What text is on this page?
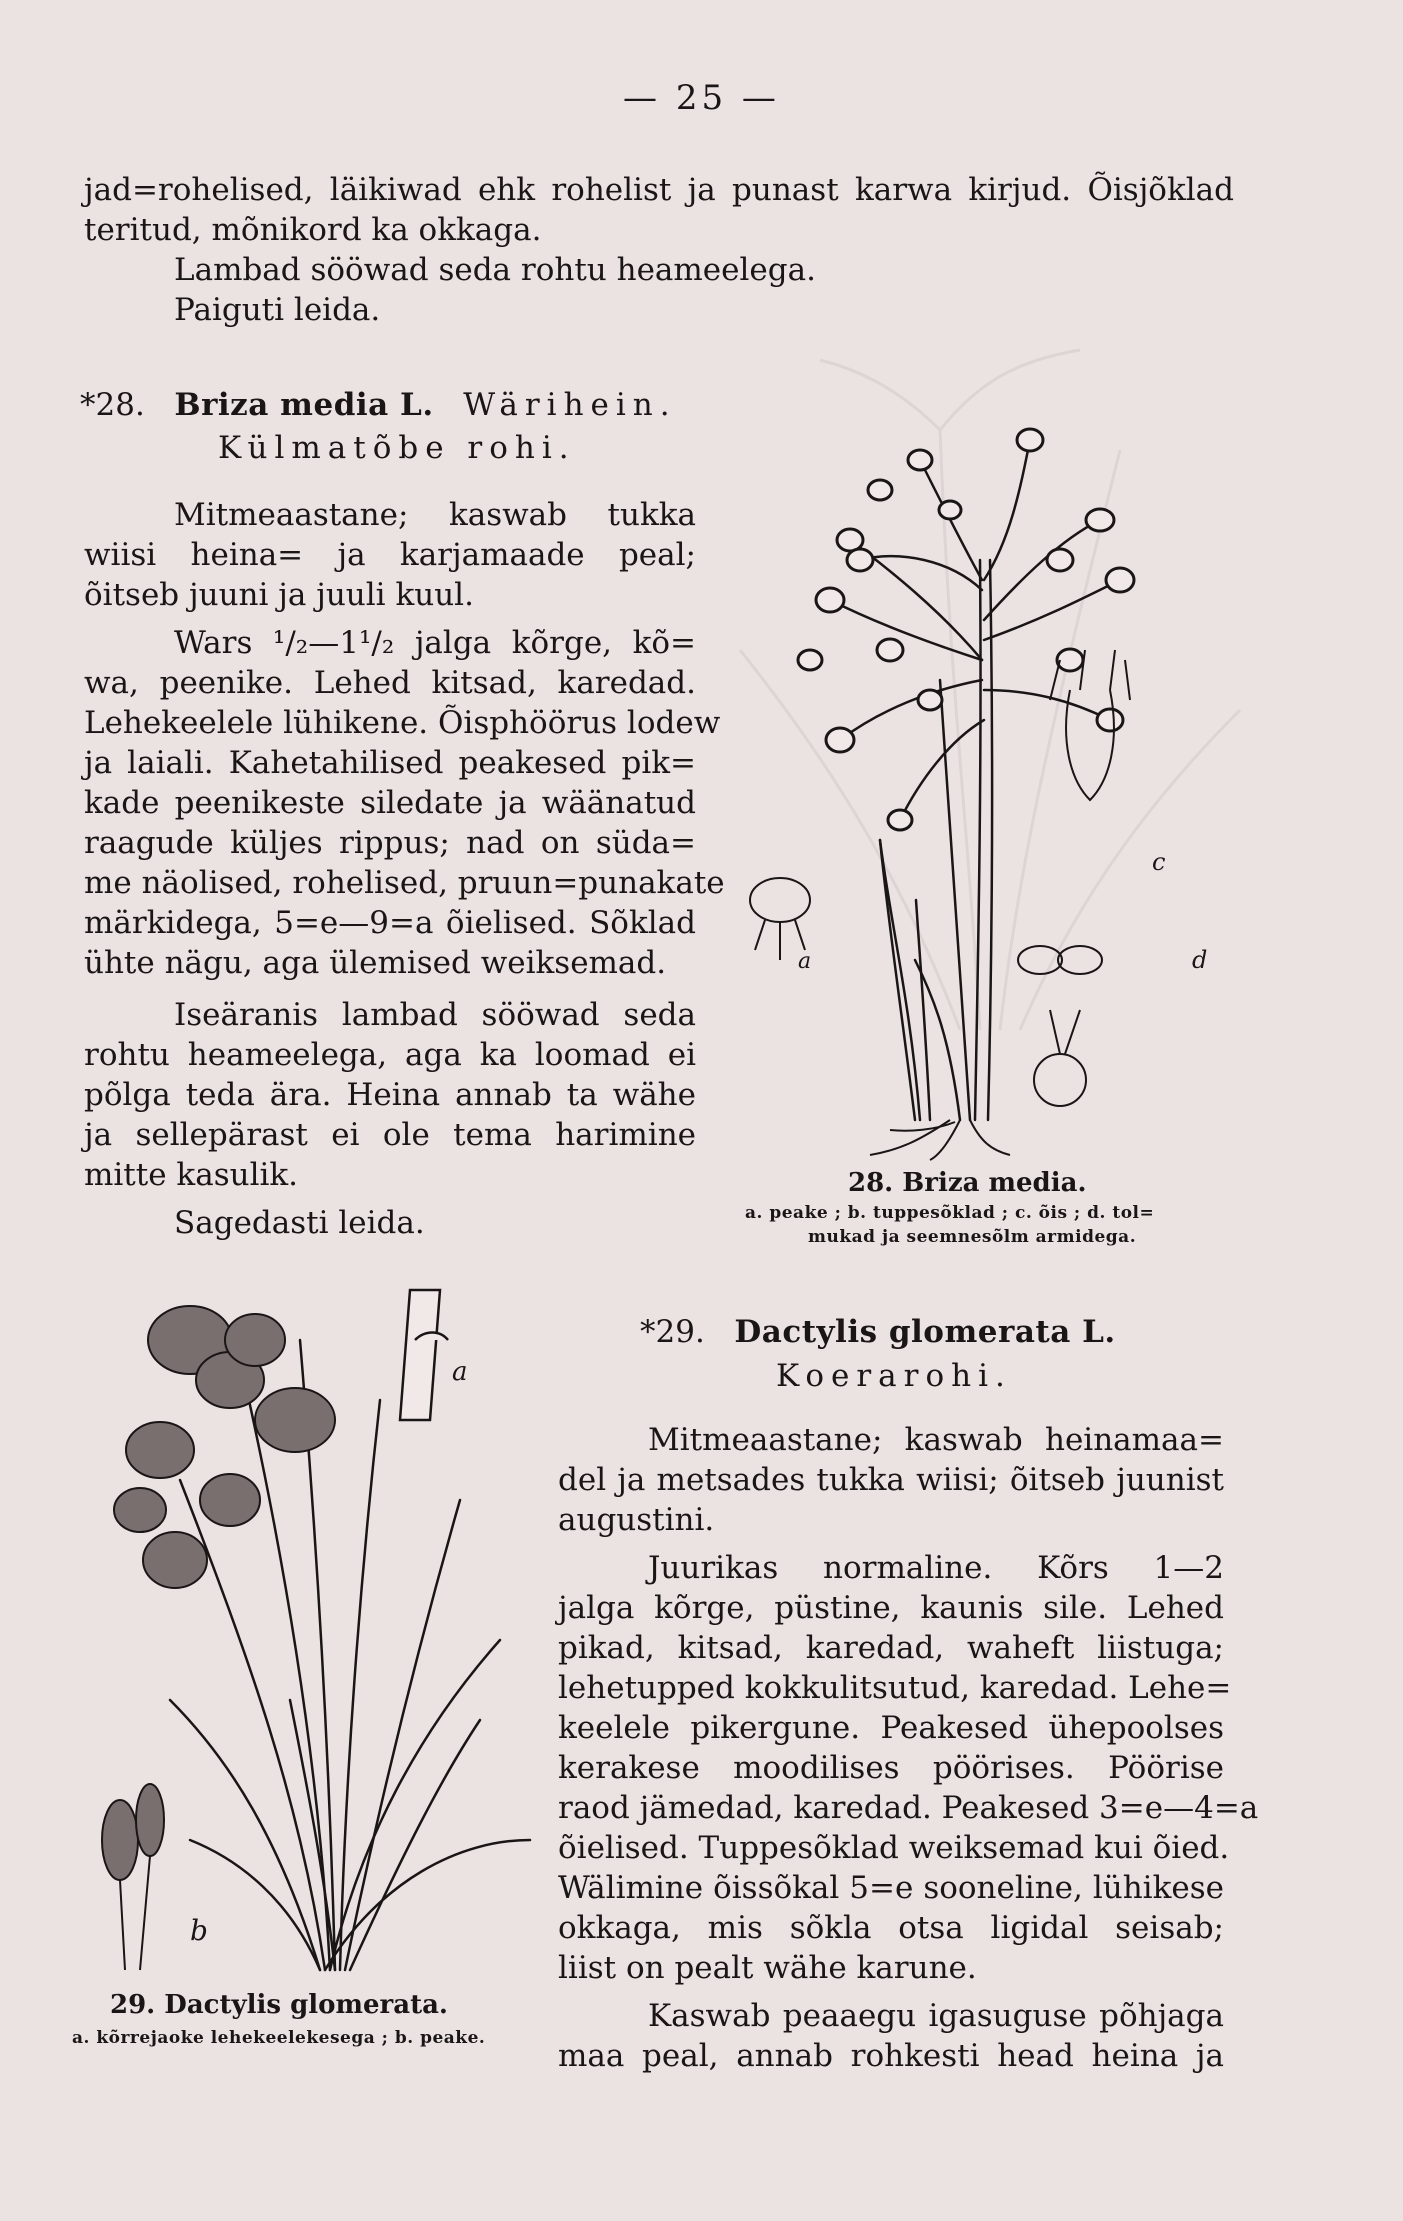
— 25 —
jad=rohelised, läikiwad ehk rohelist ja punast karwa kirjud. Õisjõklad
teritud, mõnikord ka okkaga.
Lambad sööwad seda rohtu heameelega.
Paiguti leida.
*28. Briza media L. Wärihein.
Külmatõbe rohi.
Mitmeaastane; kaswab tukka
wiisi heina= ja karjamaade peal;
õitseb juuni ja juuli kuul.
Wars ¹/₂—1¹/₂ jalga kõrge, kõ=
wa, peenike. Lehed kitsad, karedad.
Lehekeelele lühikene. Õisphöörus lodew
ja laiali. Kahetahilised peakesed pik=
kade peenikeste siledate ja wäänatud
raagude küljes rippus; nad on süda=
me näolised, rohelised, pruun=punakate
märkidega, 5=e—9=a õielised. Sõklad
ühte nägu, aga ülemised weiksemad.
Iseäranis lambad sööwad seda
rohtu heameelega, aga ka loomad ei
põlga teda ära. Heina annab ta wähe
ja sellepärast ei ole tema harimine
mitte kasulik.
Sagedasti leida.
a
c
d
28. Briza media.
a. peake ; b. tuppesõklad ; c. õis ; d. tol=
mukad ja seemnesõlm armidega.
a
b
29. Dactylis glomerata.
a. kõrrejaoke lehekeelekesega ; b. peake.
*29. Dactylis glomerata L.
Koerarohi.
Mitmeaastane; kaswab heinamaa=
del ja metsades tukka wiisi; õitseb juunist
augustini.
Juurikas normaline. Kõrs 1—2
jalga kõrge, püstine, kaunis sile. Lehed
pikad, kitsad, karedad, waheft liistuga;
lehetupped kokkulitsutud, karedad. Lehe=
keelele pikergune. Peakesed ühepoolses
kerakese moodilises pöörises. Pöörise
raod jämedad, karedad. Peakesed 3=e—4=a
õielised. Tuppesõklad weiksemad kui õied.
Wälimine õissõkal 5=e sooneline, lühikese
okkaga, mis sõkla otsa ligidal seisab;
liist on pealt wähe karune.
Kaswab peaaegu igasuguse põhjaga
maa peal, annab rohkesti head heina ja
